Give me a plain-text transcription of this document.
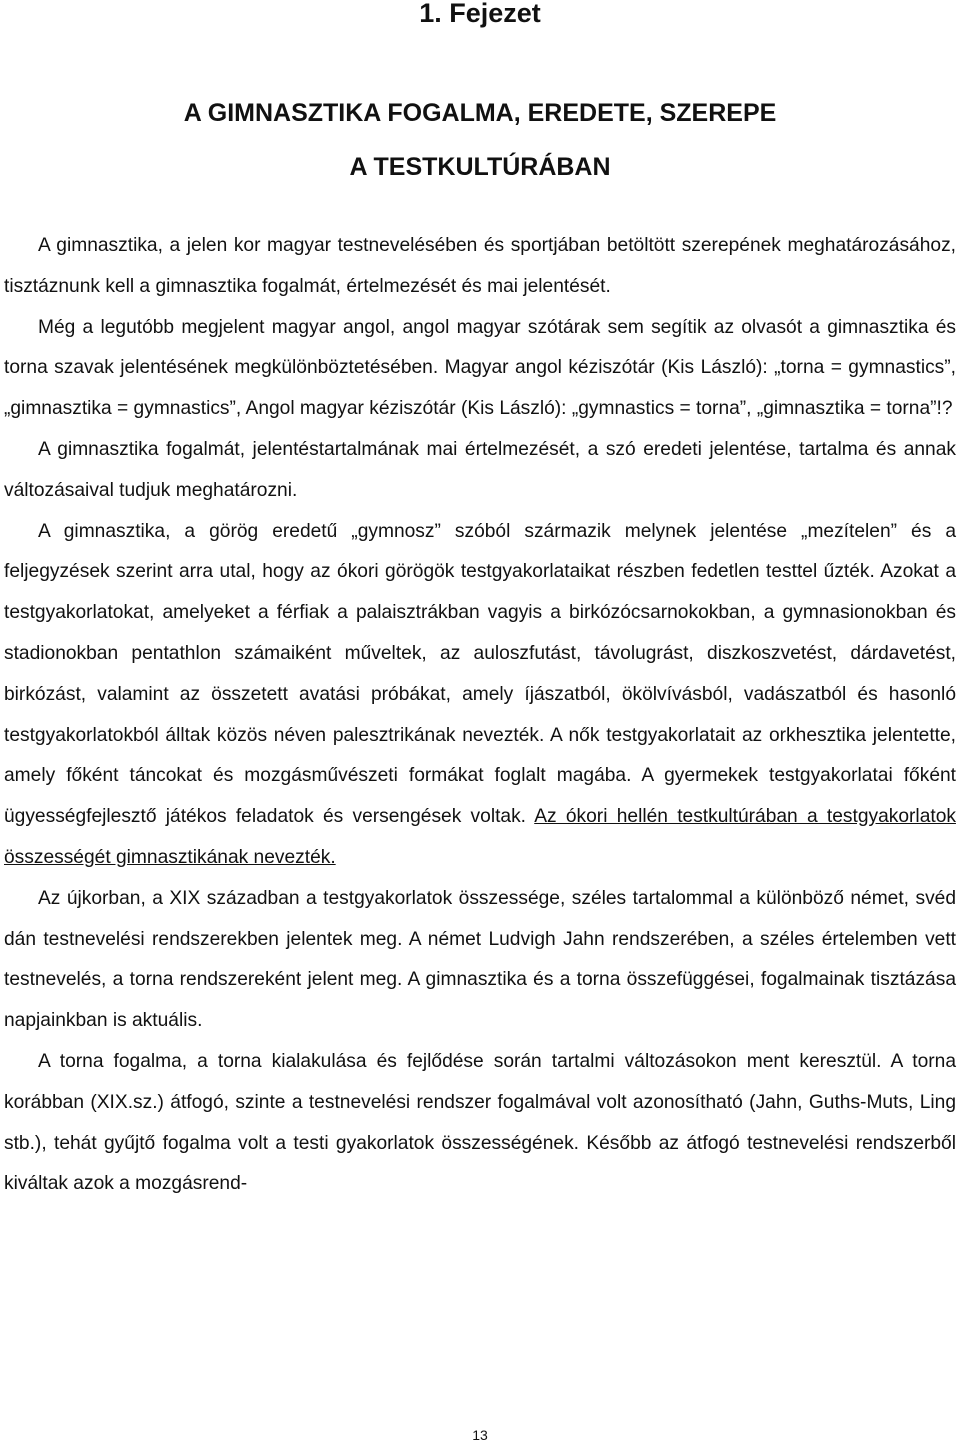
1. Fejezet
A GIMNASZTIKA FOGALMA, EREDETE, SZEREPE
A TESTKULTÚRÁBAN

A gimnasztika, a jelen kor magyar testnevelésében és sportjában betöltött szerepének meghatározásához, tisztáznunk kell a gimnasztika fogalmát, értelmezését és mai jelentését.

Még a legutóbb megjelent magyar angol, angol magyar szótárak sem segítik az olvasót a gimnasztika és torna szavak jelentésének megkülönböztetésében. Magyar angol kéziszótár (Kis László): „torna = gymnastics”, „gimnasztika = gymnastics”, Angol magyar kéziszótár (Kis László): „gymnastics = torna”, „gimnasztika = torna”!?

A gimnasztika fogalmát, jelentéstartalmának mai értelmezését, a szó eredeti jelentése, tartalma és annak változásaival tudjuk meghatározni.

A gimnasztika, a görög eredetű „gymnosz” szóból származik melynek jelentése „mezítelen” és a feljegyzések szerint arra utal, hogy az ókori görögök testgyakorlataikat részben fedetlen testtel űzték. Azokat a testgyakorlatokat, amelyeket a férfiak a palaisztrákban vagyis a birkózócsarnokokban, a gymnasionokban és stadionokban pentathlon számaiként műveltek, az auloszfutást, távolugrást, diszkoszvetést, dárdavetést, birkózást, valamint az összetett avatási próbákat, amely íjászatból, ökölvívásból, vadászatból és hasonló testgyakorlatokból álltak közös néven palesztrikának nevezték. A nők testgyakorlatait az orkhesztika jelentette, amely főként táncokat és mozgásművészeti formákat foglalt magába. A gyermekek testgyakorlatai főként ügyességfejlesztő játékos feladatok és versengések voltak. Az ókori hellén testkultúrában a testgyakorlatok összességét gimnasztikának nevezték.

Az újkorban, a XIX században a testgyakorlatok összessége, széles tartalommal a különböző német, svéd dán testnevelési rendszerekben jelentek meg. A német Ludvigh Jahn rendszerében, a széles értelemben vett testnevelés, a torna rendszereként jelent meg. A gimnasztika és a torna összefüggései, fogalmainak tisztázása napjainkban is aktuális.

A torna fogalma, a torna kialakulása és fejlődése során tartalmi változásokon ment keresztül. A torna korábban (XIX.sz.) átfogó, szinte a testnevelési rendszer fogalmával volt azonosítható (Jahn, Guths-Muts, Ling stb.), tehát gyűjtő fogalma volt a testi gyakorlatok összességének. Később az átfogó testnevelési rendszerből kiváltak azok a mozgásrend-

13
